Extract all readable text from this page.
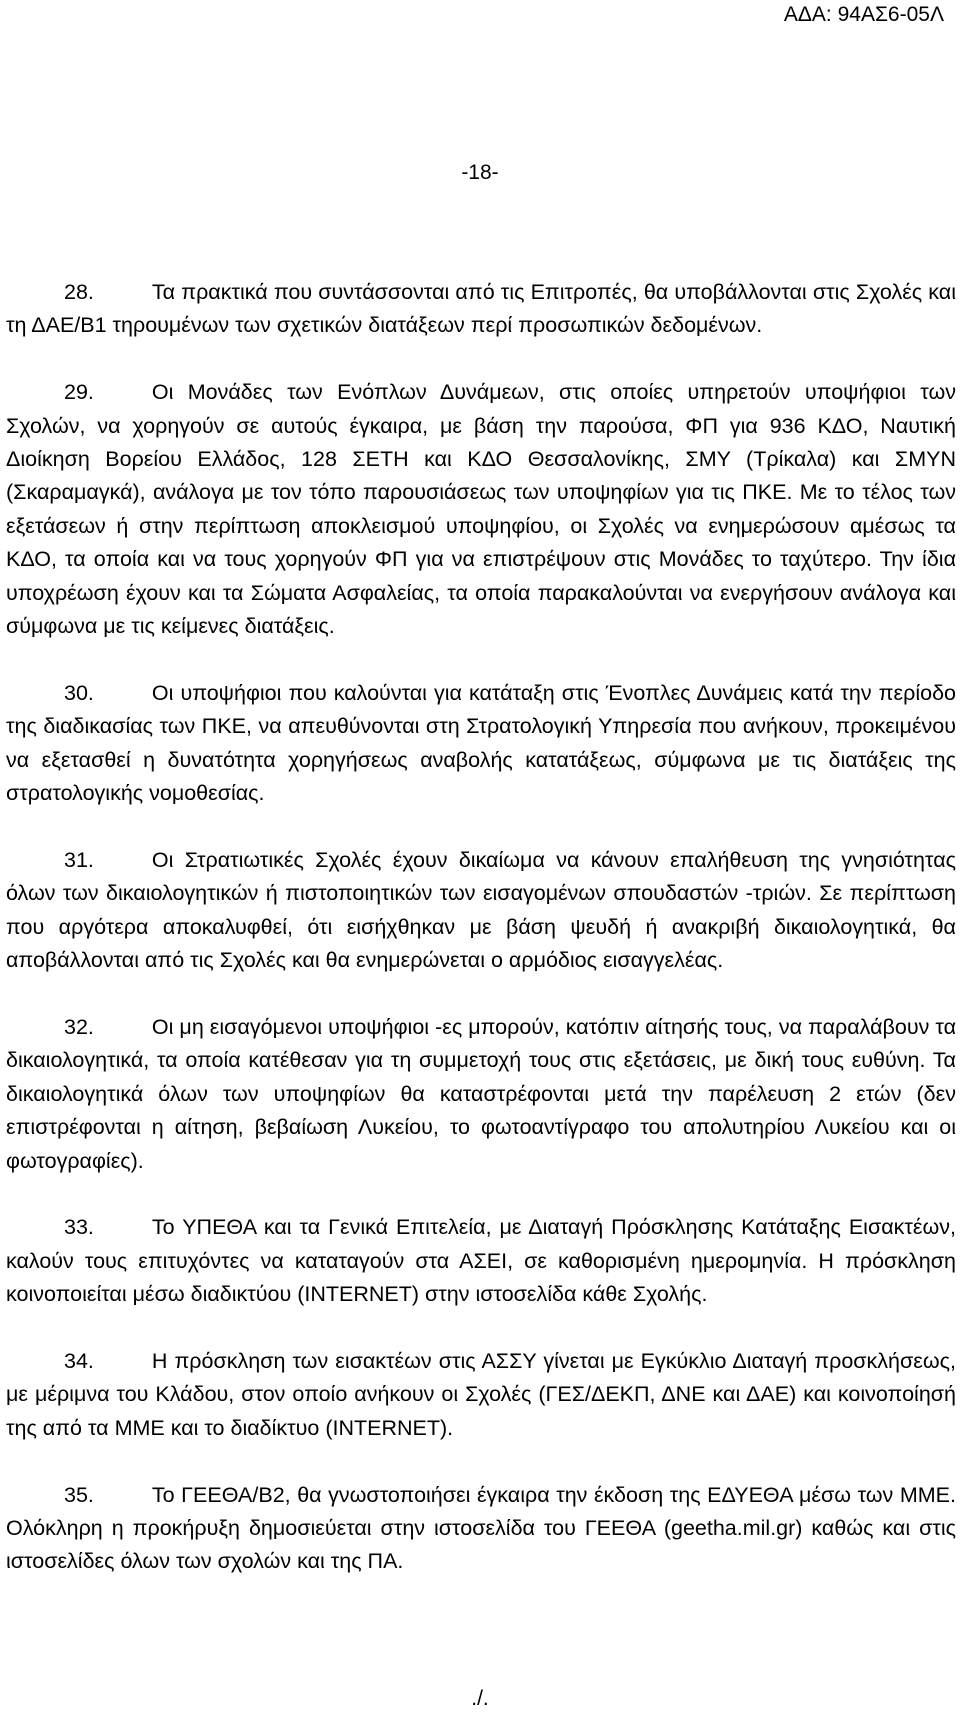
ΑΔΑ: 94ΑΣ6-05Λ
-18-

28.	Τα πρακτικά που συντάσσονται από τις Επιτροπές, θα υποβάλλονται στις Σχολές και τη ΔΑΕ/Β1 τηρουμένων των σχετικών διατάξεων περί προσωπικών δεδομένων.

29.	Οι Μονάδες των Ενόπλων Δυνάμεων, στις οποίες υπηρετούν υποψήφιοι των Σχολών, να χορηγούν σε αυτούς έγκαιρα, με βάση την παρούσα, ΦΠ για 936 ΚΔΟ, Ναυτική Διοίκηση Βορείου Ελλάδος, 128 ΣΕΤΗ και ΚΔΟ Θεσσαλονίκης, ΣΜΥ (Τρίκαλα) και ΣΜΥΝ (Σκαραμαγκά), ανάλογα με τον τόπο παρουσιάσεως των υποψηφίων για τις ΠΚΕ. Με το τέλος των εξετάσεων ή στην περίπτωση αποκλεισμού υποψηφίου, οι Σχολές να ενημερώσουν αμέσως τα ΚΔΟ, τα οποία και να τους χορηγούν ΦΠ για να επιστρέψουν στις Μονάδες το ταχύτερο. Την ίδια υποχρέωση έχουν και τα Σώματα Ασφαλείας, τα οποία παρακαλούνται να ενεργήσουν ανάλογα και σύμφωνα με τις κείμενες διατάξεις.

30.	Οι υποψήφιοι που καλούνται για κατάταξη στις Ένοπλες Δυνάμεις κατά την περίοδο της διαδικασίας των ΠΚΕ, να απευθύνονται στη Στρατολογική Υπηρεσία που ανήκουν, προκειμένου να εξετασθεί η δυνατότητα χορηγήσεως αναβολής κατατάξεως, σύμφωνα με τις διατάξεις της στρατολογικής νομοθεσίας.

31.	Οι Στρατιωτικές Σχολές έχουν δικαίωμα να κάνουν επαλήθευση της γνησιότητας όλων των δικαιολογητικών ή πιστοποιητικών των εισαγομένων σπουδαστών -τριών. Σε περίπτωση που αργότερα αποκαλυφθεί, ότι εισήχθηκαν με βάση ψευδή ή ανακριβή δικαιολογητικά, θα αποβάλλονται από τις Σχολές και θα ενημερώνεται ο αρμόδιος εισαγγελέας.

32.	Οι μη εισαγόμενοι υποψήφιοι -ες μπορούν, κατόπιν αίτησής τους, να παραλάβουν τα δικαιολογητικά, τα οποία κατέθεσαν για τη συμμετοχή τους στις εξετάσεις, με δική τους ευθύνη. Τα δικαιολογητικά όλων των υποψηφίων θα καταστρέφονται μετά την παρέλευση 2 ετών (δεν επιστρέφονται η αίτηση, βεβαίωση Λυκείου, το φωτοαντίγραφο του απολυτηρίου Λυκείου και οι φωτογραφίες).

33.	Το ΥΠΕΘΑ και τα Γενικά Επιτελεία, με Διαταγή Πρόσκλησης Κατάταξης Εισακτέων, καλούν τους επιτυχόντες να καταταγούν στα ΑΣΕΙ, σε καθορισμένη ημερομηνία. Η πρόσκληση κοινοποιείται μέσω διαδικτύου (INTERNET) στην ιστοσελίδα κάθε Σχολής.

34.	Η πρόσκληση των εισακτέων στις ΑΣΣΥ γίνεται με Εγκύκλιο Διαταγή προσκλήσεως, με μέριμνα του Κλάδου, στον οποίο ανήκουν οι Σχολές (ΓΕΣ/ΔΕΚΠ, ΔΝΕ και ΔΑΕ) και κοινοποίησή της από τα ΜΜΕ και το διαδίκτυο (INTERNET).

35.	Το ΓΕΕΘΑ/Β2, θα γνωστοποιήσει έγκαιρα την έκδοση της ΕΔΥΕΘΑ μέσω των ΜΜΕ. Ολόκληρη η προκήρυξη δημοσιεύεται στην ιστοσελίδα του ΓΕΕΘΑ (geetha.mil.gr) καθώς και στις ιστοσελίδες όλων των σχολών και της ΠΑ.

./.
